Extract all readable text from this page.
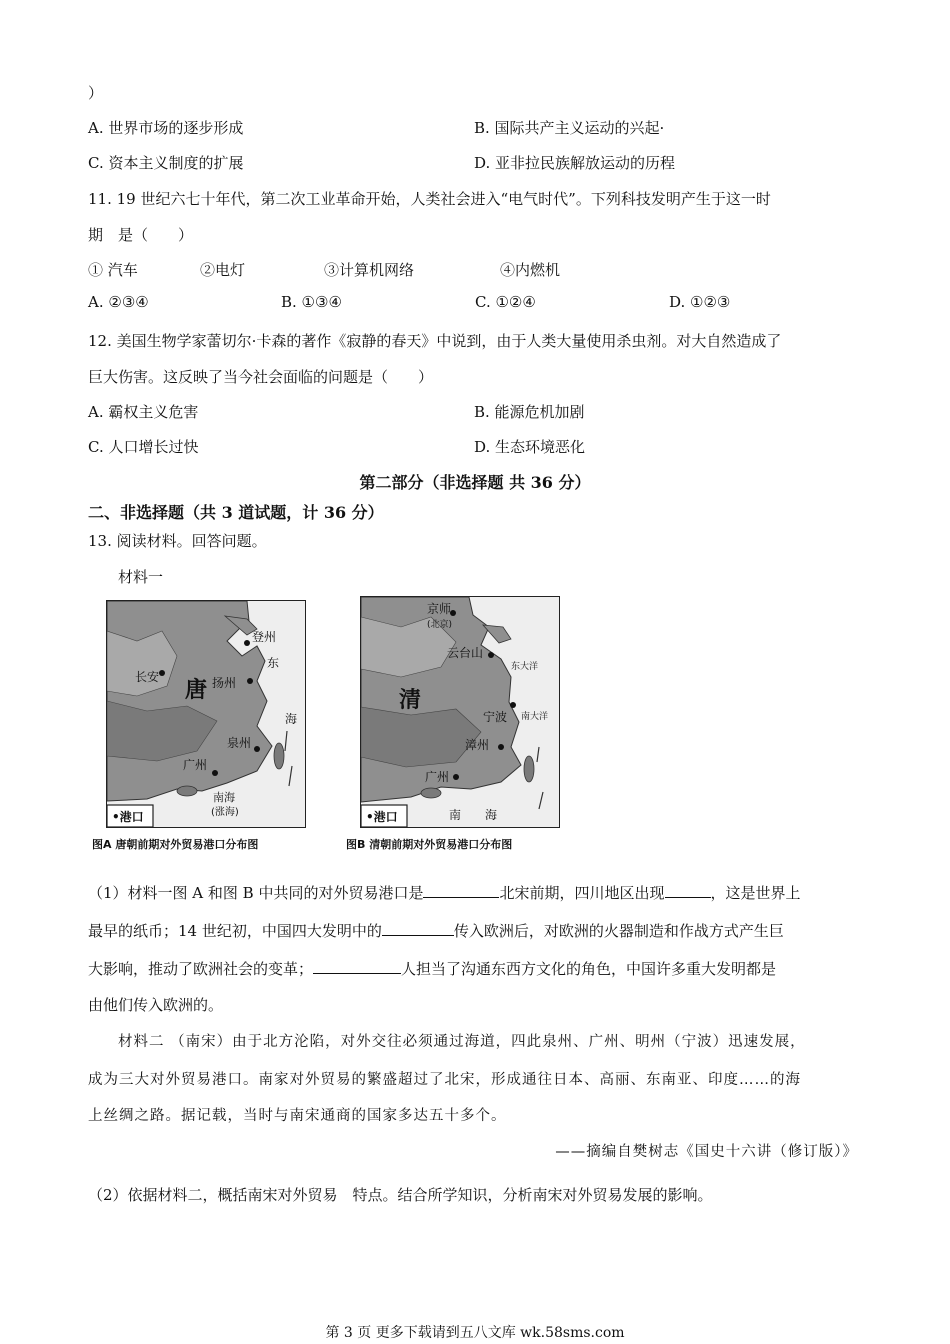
）
A. 世界市场的逐步形成	B. 国际共产主义运动的兴起·
C. 资本主义制度的扩展	D. 亚非拉民族解放运动的历程
11. 19 世纪六七十年代，第二次工业革命开始，人类社会进入“电气时代”。下列科技发明产生于这一时
期　是（　　）
① 汽车	②电灯	③计算机网络	④内燃机
A. ②③④	B. ①③④	C. ①②④	D. ①②③
12. 美国生物学家蕾切尔·卡森的著作《寂静的春天》中说到，由于人类大量使用杀虫剂。对大自然造成了
巨大伤害。这反映了当今社会面临的问题是（　　）
A. 霸权主义危害	B. 能源危机加剧
C. 人口增长过快	D. 生态环境恶化
第二部分（非选择题 共 36 分）
二、非选择题（共 3 道试题，计 36 分）
13. 阅读材料。回答问题。
材料一
长安
登州
扬州
泉州
广州
唐
东
海
南海
(涨海)
•港口
图A 唐朝前期对外贸易港口分布图
京师
(北京)
云台山
宁波
漳州
广州
清
东大洋
南大洋
南 海
•港口
图B 清朝前期对外贸易港口分布图
（1）材料一图 A 和图 B 中共同的对外贸易港口是	北宋前期，四川地区出现	，这是世界上
最早的纸币；14 世纪初，中国四大发明中的	传入欧洲后，对欧洲的火器制造和作战方式产生巨
大影响，推动了欧洲社会的变革；	人担当了沟通东西方文化的角色，中国许多重大发明都是
由他们传入欧洲的。
材料二 （南宋）由于北方沦陷，对外交往必须通过海道，四此泉州、广州、明州（宁波）迅速发展，
成为三大对外贸易港口。南家对外贸易的繁盛超过了北宋，形成通往日本、高丽、东南亚、印度……的海
上丝绸之路。据记载，当时与南宋通商的国家多达五十多个。
——摘编自樊树志《国史十六讲（修订版）》
（2）依据材料二，概括南宋对外贸易　特点。结合所学知识，分析南宋对外贸易发展的影响。
第 3 页 更多下载请到五八文库 wk.58sms.com
